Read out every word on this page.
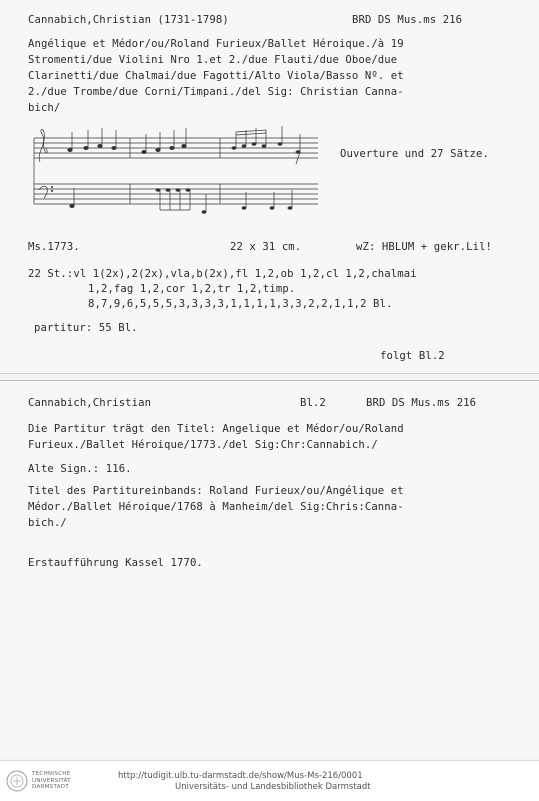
Cannabich,Christian (1731-1798)	BRD DS Mus.ms 216
Angélique et Médor/ou/Roland Furieux/Ballet Héroique./à 19
Stromenti/due Violini Nro 1.et 2./due Flauti/due Oboe/due
Clarinetti/due Chalmai/due Fagotti/Alto Viola/Basso Nº. et
2./due Trombe/due Corni/Timpani./del Sig: Christian Canna-
bich/
Ouverture und 27 Sätze.
Ms.1773.	22 x 31 cm.	wZ: HBLUM + gekr.Lil!
22 St.:vl 1(2x),2(2x),vla,b(2x),fl 1,2,ob 1,2,cl 1,2,chalmai
1,2,fag 1,2,cor 1,2,tr 1,2,timp.
8,7,9,6,5,5,5,3,3,3,3,1,1,1,1,3,3,2,2,1,1,2 Bl.
partitur: 55 Bl.
folgt Bl.2
Cannabich,Christian	Bl.2	BRD DS Mus.ms 216
Die Partitur trägt den Titel: Angelique et Médor/ou/Roland
Furieux./Ballet Héroique/1773./del Sig:Chr:Cannabich./
Alte Sign.: 116.
Titel des Partitureinbands: Roland Furieux/ou/Angélique et
Médor./Ballet Héroique/1768 à Manheim/del Sig:Chris:Canna-
bich./
Erstaufführung Kassel 1770.
TECHNISCHE
UNIVERSITÄT
DARMSTADT
http://tudigit.ulb.tu-darmstadt.de/show/Mus-Ms-216/0001
Universitäts- und Landesbibliothek Darmstadt
